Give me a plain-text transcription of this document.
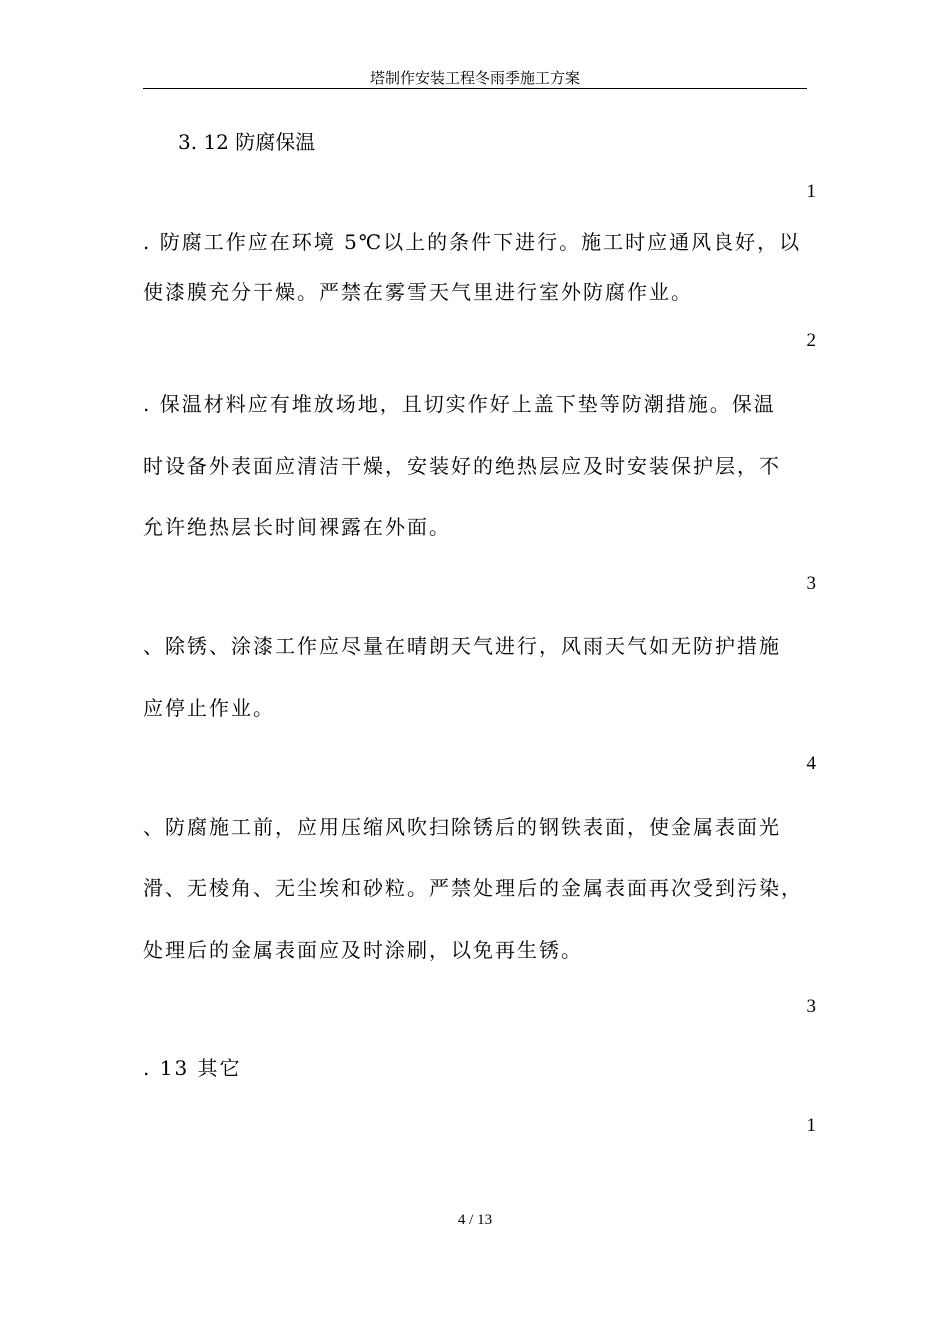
塔制作安装工程冬雨季施工方案
3. 12 防腐保温
1
. 防腐工作应在环境 5℃以上的条件下进行。施工时应通风良好，以
使漆膜充分干燥。严禁在雾雪天气里进行室外防腐作业。
2
. 保温材料应有堆放场地，且切实作好上盖下垫等防潮措施。保温
时设备外表面应清洁干燥，安装好的绝热层应及时安装保护层，不
允许绝热层长时间裸露在外面。
3
、除锈、涂漆工作应尽量在晴朗天气进行，风雨天气如无防护措施
应停止作业。
4
、防腐施工前，应用压缩风吹扫除锈后的钢铁表面，使金属表面光
滑、无棱角、无尘埃和砂粒。严禁处理后的金属表面再次受到污染，
处理后的金属表面应及时涂刷，以免再生锈。
3
. 13 其它
1
4 / 13
